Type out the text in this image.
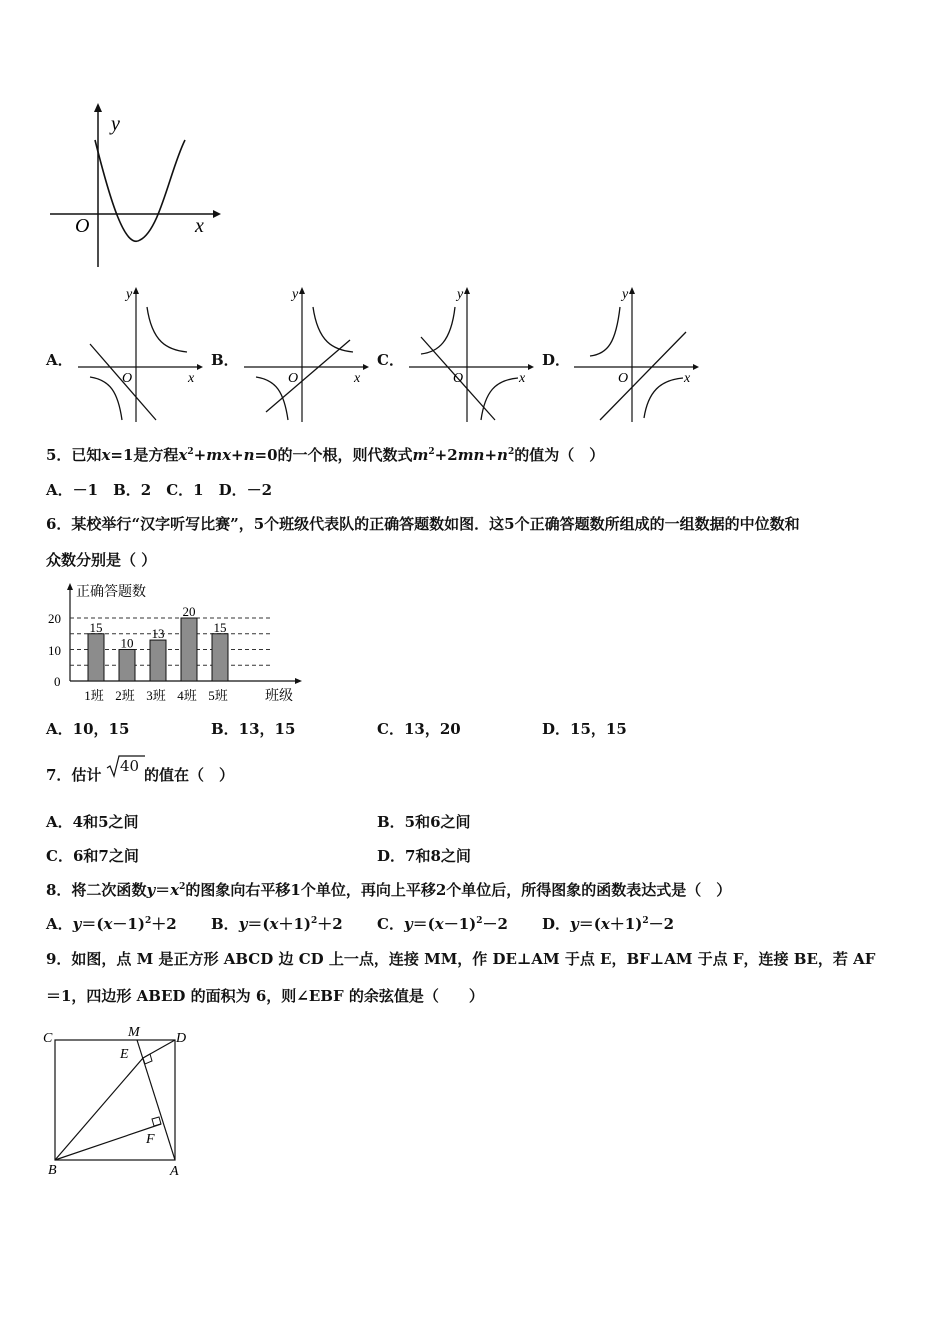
y
x
O
A．
y
x
O
B．
y
x
O
C．
y
x
O
D．
y
x
O
5．已知x=1是方程$x^2+mx+n=0$的一个根，则代数式$m^2+2mn+n^2$的值为（　）
A．－1　B．2　C．1　D．－2
6．某校举行“汉字听写比赛”，5个班级代表队的正确答题数如图．这5个正确答题数所组成的一组数据的中位数和
众数分别是（ ）
正确答题数
班级
0
10
20
15
1班
10
2班
13
3班
20
4班
15
5班
A．10，15	B．13，15	C．13，20	D．15，15
7．估计 40 的值在（　）
A．4和5之间	B．5和6之间
C．6和7之间	D．7和8之间
8．将二次函数$y=x^2$的图象向右平移1个单位，再向上平移2个单位后，所得图象的函数表达式是（　）
A．$y=(x-1)^2+2$ B．$y=(x+1)^2+2$ C．$y=(x-1)^2-2$ D．$y=(x+1)^2-2$
9．如图，点 M 是正方形 ABCD 边 CD 上一点，连接 MM，作 DE⊥AM 于点 E，BF⊥AM 于点 F，连接 BE，若 AF
＝1，四边形 ABED 的面积为 6，则∠EBF 的余弦值是（　　）
C	M	D
E
F
B	A
